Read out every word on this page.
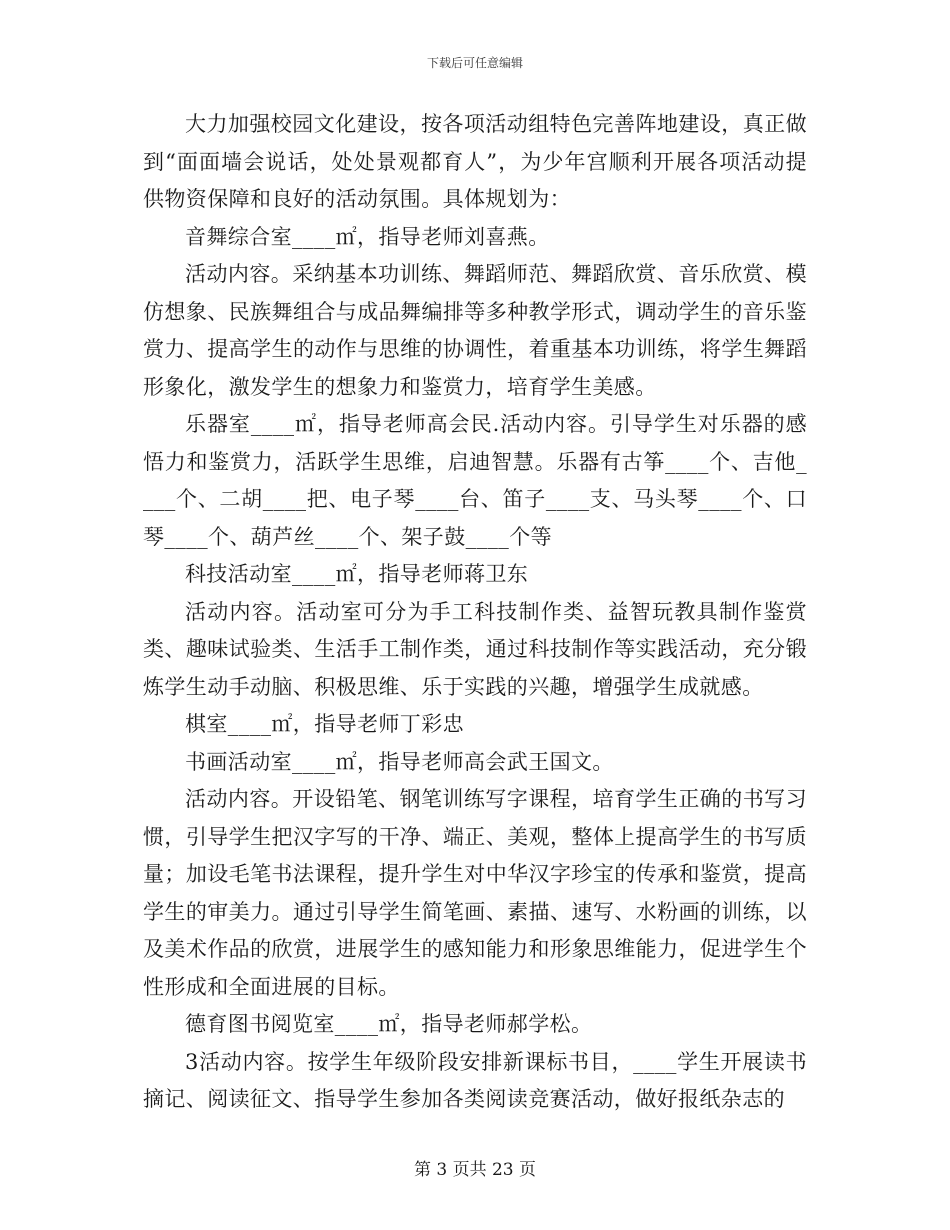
下载后可任意编辑

大力加强校园文化建设，按各项活动组特色完善阵地建设，真正做到“面面墙会说话，处处景观都育人”，为少年宫顺利开展各项活动提供物资保障和良好的活动氛围。具体规划为：

音舞综合室____㎡，指导老师刘喜燕。

活动内容。采纳基本功训练、舞蹈师范、舞蹈欣赏、音乐欣赏、模仿想象、民族舞组合与成品舞编排等多种教学形式，调动学生的音乐鉴赏力、提高学生的动作与思维的协调性，着重基本功训练，将学生舞蹈形象化，激发学生的想象力和鉴赏力，培育学生美感。

乐器室____㎡，指导老师高会民.活动内容。引导学生对乐器的感悟力和鉴赏力，活跃学生思维，启迪智慧。乐器有古筝____个、吉他____个、二胡____把、电子琴____台、笛子____支、马头琴____个、口琴____个、葫芦丝____个、架子鼓____个等

科技活动室____㎡，指导老师蒋卫东

活动内容。活动室可分为手工科技制作类、益智玩教具制作鉴赏类、趣味试验类、生活手工制作类，通过科技制作等实践活动，充分锻炼学生动手动脑、积极思维、乐于实践的兴趣，增强学生成就感。

棋室____㎡，指导老师丁彩忠

书画活动室____㎡，指导老师高会武王国文。

活动内容。开设铅笔、钢笔训练写字课程，培育学生正确的书写习惯，引导学生把汉字写的干净、端正、美观，整体上提高学生的书写质量；加设毛笔书法课程，提升学生对中华汉字珍宝的传承和鉴赏，提高学生的审美力。通过引导学生简笔画、素描、速写、水粉画的训练，以及美术作品的欣赏，进展学生的感知能力和形象思维能力，促进学生个性形成和全面进展的目标。

德育图书阅览室____㎡，指导老师郝学松。

3活动内容。按学生年级阶段安排新课标书目，____学生开展读书摘记、阅读征文、指导学生参加各类阅读竞赛活动，做好报纸杂志的

第 3 页共 23 页
